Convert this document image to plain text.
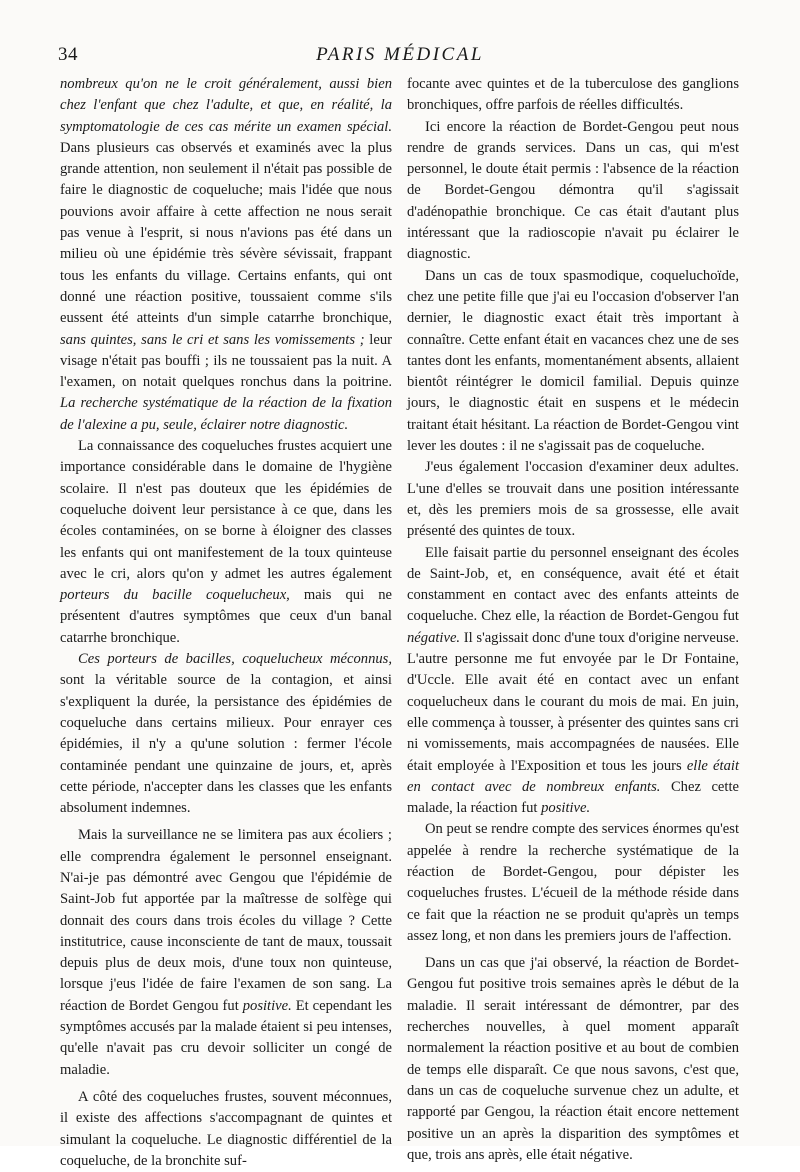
34	PARIS MÉDICAL

nombreux qu'on ne le croit généralement, aussi bien chez l'enfant que chez l'adulte, et que, en réalité, la symptomatologie de ces cas mérite un examen spécial. Dans plusieurs cas observés et examinés avec la plus grande attention, non seulement il n'était pas possible de faire le diagnostic de coqueluche; mais l'idée que nous pouvions avoir affaire à cette affection ne nous serait pas venue à l'esprit, si nous n'avions pas été dans un milieu où une épidémie très sévère sévissait, frappant tous les enfants du village. Certains enfants, qui ont donné une réaction positive, toussaient comme s'ils eussent été atteints d'un simple catarrhe bronchique, sans quintes, sans le cri et sans les vomissements ; leur visage n'était pas bouffi ; ils ne toussaient pas la nuit. A l'examen, on notait quelques ronchus dans la poitrine. La recherche systématique de la réaction de la fixation de l'alexine a pu, seule, éclairer notre diagnostic.

La connaissance des coqueluches frustes acquiert une importance considérable dans le domaine de l'hygiène scolaire. Il n'est pas douteux que les épidémies de coqueluche doivent leur persistance à ce que, dans les écoles contaminées, on se borne à éloigner des classes les enfants qui ont manifestement de la toux quinteuse avec le cri, alors qu'on y admet les autres également porteurs du bacille coquelucheux, mais qui ne présentent d'autres symptômes que ceux d'un banal catarrhe bronchique.

Ces porteurs de bacilles, coquelucheux méconnus, sont la véritable source de la contagion, et ainsi s'expliquent la durée, la persistance des épidémies de coqueluche dans certains milieux. Pour enrayer ces épidémies, il n'y a qu'une solution : fermer l'école contaminée pendant une quinzaine de jours, et, après cette période, n'accepter dans les classes que les enfants absolument indemnes.

Mais la surveillance ne se limitera pas aux écoliers ; elle comprendra également le personnel enseignant. N'ai-je pas démontré avec Gengou que l'épidémie de Saint-Job fut apportée par la maîtresse de solfège qui donnait des cours dans trois écoles du village ? Cette institutrice, cause inconsciente de tant de maux, toussait depuis plus de deux mois, d'une toux non quinteuse, lorsque j'eus l'idée de faire l'examen de son sang. La réaction de Bordet Gengou fut positive. Et cependant les symptômes accusés par la malade étaient si peu intenses, qu'elle n'avait pas cru devoir solliciter un congé de maladie.

A côté des coqueluches frustes, souvent méconnues, il existe des affections s'accompagnant de quintes et simulant la coqueluche. Le diagnostic différentiel de la coqueluche, de la bronchite suf-

focante avec quintes et de la tuberculose des ganglions bronchiques, offre parfois de réelles difficultés.

Ici encore la réaction de Bordet-Gengou peut nous rendre de grands services. Dans un cas, qui m'est personnel, le doute était permis : l'absence de la réaction de Bordet-Gengou démontra qu'il s'agissait d'adénopathie bronchique. Ce cas était d'autant plus intéressant que la radioscopie n'avait pu éclairer le diagnostic.

Dans un cas de toux spasmodique, coqueluchoïde, chez une petite fille que j'ai eu l'occasion d'observer l'an dernier, le diagnostic exact était très important à connaître. Cette enfant était en vacances chez une de ses tantes dont les enfants, momentanément absents, allaient bientôt réintégrer le domicil familial. Depuis quinze jours, le diagnostic était en suspens et le médecin traitant était hésitant. La réaction de Bordet-Gengou vint lever les doutes : il ne s'agissait pas de coqueluche.

J'eus également l'occasion d'examiner deux adultes. L'une d'elles se trouvait dans une position intéressante et, dès les premiers mois de sa grossesse, elle avait présenté des quintes de toux.

Elle faisait partie du personnel enseignant des écoles de Saint-Job, et, en conséquence, avait été et était constamment en contact avec des enfants atteints de coqueluche. Chez elle, la réaction de Bordet-Gengou fut négative. Il s'agissait donc d'une toux d'origine nerveuse. L'autre personne me fut envoyée par le Dr Fontaine, d'Uccle. Elle avait été en contact avec un enfant coquelucheux dans le courant du mois de mai. En juin, elle commença à tousser, à présenter des quintes sans cri ni vomissements, mais accompagnées de nausées. Elle était employée à l'Exposition et tous les jours elle était en contact avec de nombreux enfants. Chez cette malade, la réaction fut positive.

On peut se rendre compte des services énormes qu'est appelée à rendre la recherche systématique de la réaction de Bordet-Gengou, pour dépister les coqueluches frustes. L'écueil de la méthode réside dans ce fait que la réaction ne se produit qu'après un temps assez long, et non dans les premiers jours de l'affection.

Dans un cas que j'ai observé, la réaction de Bordet-Gengou fut positive trois semaines après le début de la maladie. Il serait intéressant de démontrer, par des recherches nouvelles, à quel moment apparaît normalement la réaction positive et au bout de combien de temps elle disparaît. Ce que nous savons, c'est que, dans un cas de coqueluche survenue chez un adulte, et rapporté par Gengou, la réaction était encore nettement positive un an après la disparition des symptômes et que, trois ans après, elle était négative.
